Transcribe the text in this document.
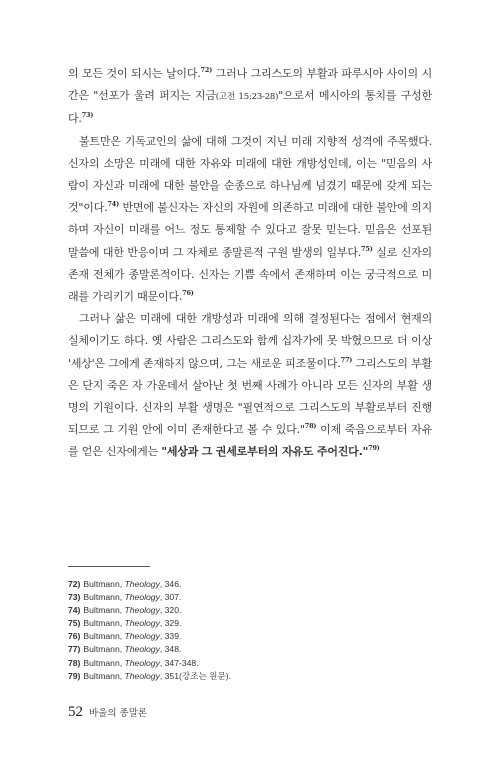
의 모든 것이 되시는 날이다.$^{72)}$ 그러나 그리스도의 부활과 파루시아 사이의 시간은 "선포가 울려 퍼지는 지금(고전 15:23-28)"으로서 메시아의 통치를 구성한다.$^{73)}$

불트만은 기독교인의 삶에 대해 그것이 지닌 미래 지향적 성격에 주목했다. 신자의 소망은 미래에 대한 자유와 미래에 대한 개방성인데, 이는 "믿음의 사람이 자신과 미래에 대한 불안을 순종으로 하나님께 넘겼기 때문에 갖게 되는 것"이다.$^{74)}$ 반면에 불신자는 자신의 자원에 의존하고 미래에 대한 불안에 의지하며 자신이 미래를 어느 정도 통제할 수 있다고 잘못 믿는다. 믿음은 선포된 말씀에 대한 반응이며 그 자체로 종말론적 구원 발생의 일부다.$^{75)}$ 실로 신자의 존재 전체가 종말론적이다. 신자는 기쁨 속에서 존재하며 이는 궁극적으로 미래를 가리키기 때문이다.$^{76)}$

그러나 삶은 미래에 대한 개방성과 미래에 의해 결정된다는 점에서 현재의 실체이기도 하다. 옛 사람은 그리스도와 함께 십자가에 못 박혔으므로 더 이상 '세상'은 그에게 존재하지 않으며, 그는 새로운 피조물이다.$^{77)}$ 그리스도의 부활은 단지 죽은 자 가운데서 살아난 첫 번째 사례가 아니라 모든 신자의 부활 생명의 기원이다. 신자의 부활 생명은 "필연적으로 그리스도의 부활로부터 진행되므로 그 기원 안에 이미 존재한다고 볼 수 있다."$^{78)}$ 이제 죽음으로부터 자유를 얻은 신자에게는 "세상과 그 권세로부터의 자유도 주어진다."$^{79)}$

72) Bultmann, Theology, 346.
73) Bultmann, Theology, 307.
74) Bultmann, Theology, 320.
75) Bultmann, Theology, 329.
76) Bultmann, Theology, 339.
77) Bultmann, Theology, 348.
78) Bultmann, Theology, 347-348.
79) Bultmann, Theology, 351(강조는 원문).
52 바울의 종말론
